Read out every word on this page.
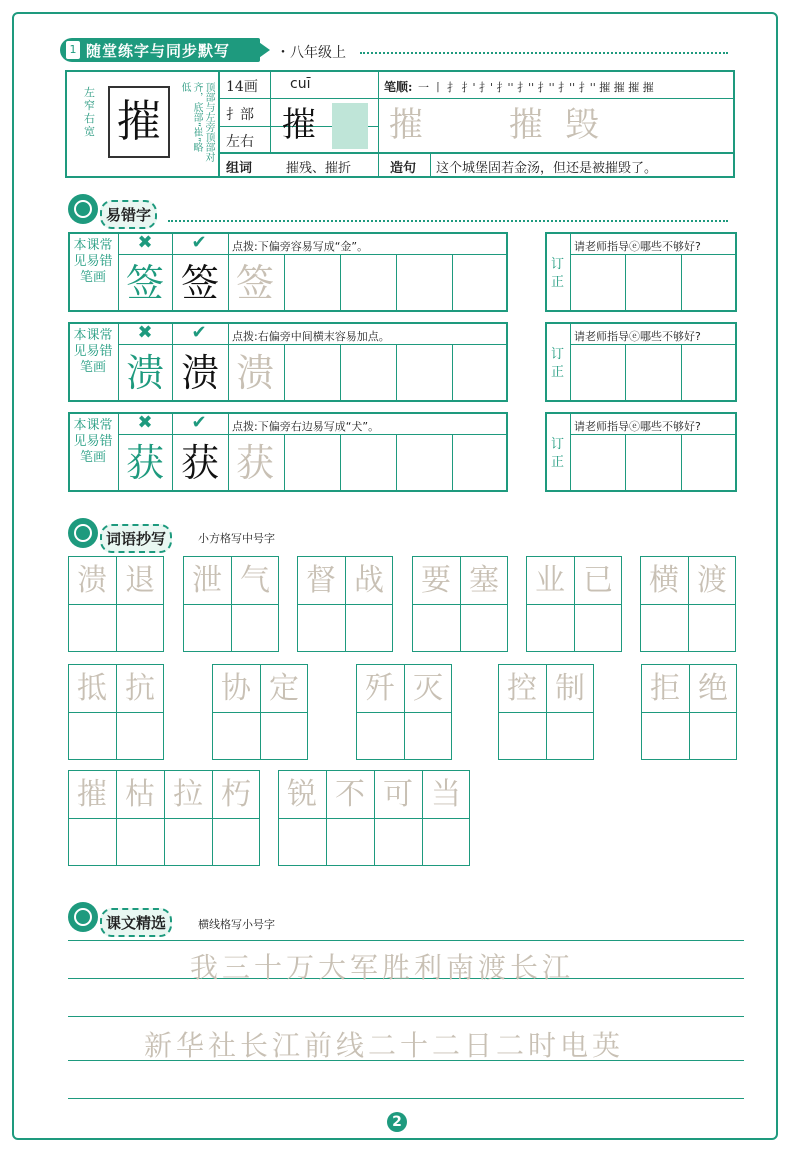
1 随堂练字与同步默写	・八年级上
左窄右宽 摧	顶部与左旁顶部对齐，底部“崔”略低	14画 cuī
扌部
左右
笔顺: 一 丨 扌 扌' 扌' 扌'' 扌'' 扌'' 扌'' 扌'' 摧 摧 摧 摧
摧 摧	摧 毁
组词	摧残、摧折	造句 这个城堡固若金汤，但还是被摧毁了。
易错字
本课常见易错笔画
✖	✔	点拨:下偏旁容易写成“金”。
签 签 签	订正
请老师指导ⓔ哪些不够好?
本课常见易错笔画
✖	✔	点拨:右偏旁中间横末容易加点。
溃 溃 溃	订正
请老师指导ⓔ哪些不够好?
本课常见易错笔画
✖	✔	点拨:下偏旁右边易写成“犬”。
获 获 获	订正
请老师指导ⓔ哪些不够好?
词语抄写	小方格写中号字
溃 退	泄 气	督 战	要 塞	业 已	横 渡
抵 抗	协 定	歼 灭	控 制	拒 绝
摧 枯 拉 朽	锐 不 可 当
课文精选	横线格写小号字
我三十万大军胜利南渡长江
新华社长江前线二十二日二时电英
2
